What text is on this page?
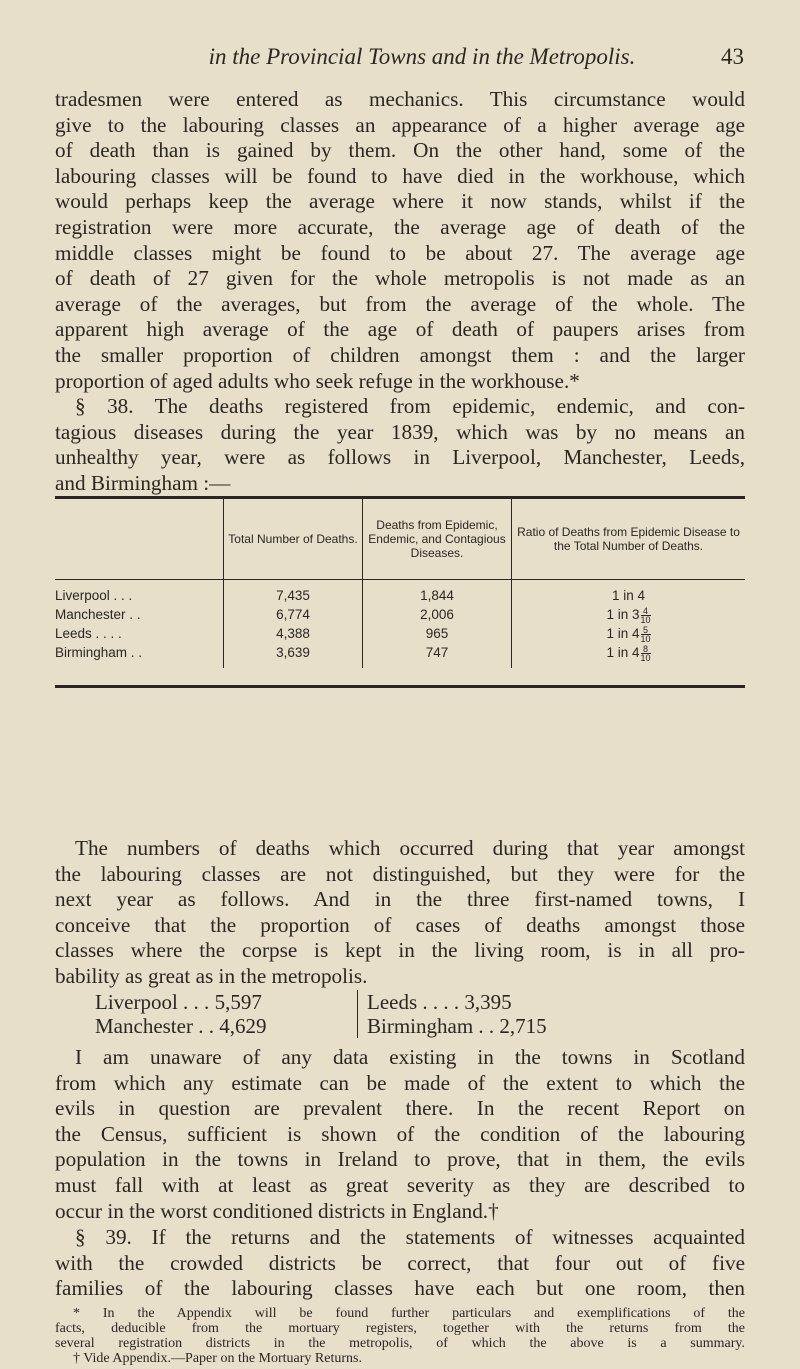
in the Provincial Towns and in the Metropolis.	43
tradesmen were entered as mechanics. This circumstance would
give to the labouring classes an appearance of a higher average age
of death than is gained by them. On the other hand, some of the
labouring classes will be found to have died in the workhouse, which
would perhaps keep the average where it now stands, whilst if the
registration were more accurate, the average age of death of the
middle classes might be found to be about 27. The average age
of death of 27 given for the whole metropolis is not made as an
average of the averages, but from the average of the whole. The
apparent high average of the age of death of paupers arises from
the smaller proportion of children amongst them : and the larger
proportion of aged adults who seek refuge in the workhouse.*
§ 38. The deaths registered from epidemic, endemic, and con-
tagious diseases during the year 1839, which was by no means an
unhealthy year, were as follows in Liverpool, Manchester, Leeds,
and Birmingham :—
	Total Number of Deaths.	Deaths from Epidemic, Endemic, and Contagious Diseases.	Ratio of Deaths from Epidemic Disease to the Total Number of Deaths.
Liverpool . . .	7,435	1,844	1 in 4
Manchester . .	6,774	2,006	1 in $3 \frac{4}{10}$

Leeds . . . .	4,388	965	1 in $4 \frac{5}{10}$

Birmingham . .	3,639	747	1 in $4 \frac{8}{10}$
The numbers of deaths which occurred during that year amongst
the labouring classes are not distinguished, but they were for the
next year as follows. And in the three first-named towns, I
conceive that the proportion of cases of deaths amongst those
classes where the corpse is kept in the living room, is in all pro-
bability as great as in the metropolis.
Liverpool . . . 5,597
Manchester . . 4,629
Leeds . . . . 3,395
Birmingham . . 2,715
I am unaware of any data existing in the towns in Scotland
from which any estimate can be made of the extent to which the
evils in question are prevalent there. In the recent Report on
the Census, sufficient is shown of the condition of the labouring
population in the towns in Ireland to prove, that in them, the evils
must fall with at least as great severity as they are described to
occur in the worst conditioned districts in England.†
§ 39. If the returns and the statements of witnesses acquainted
with the crowded districts be correct, that four out of five
families of the labouring classes have each but one room, then
* In the Appendix will be found further particulars and exemplifications of the
facts, deducible from the mortuary registers, together with the returns from the
several registration districts in the metropolis, of which the above is a summary.
† Vide Appendix.—Paper on the Mortuary Returns.
